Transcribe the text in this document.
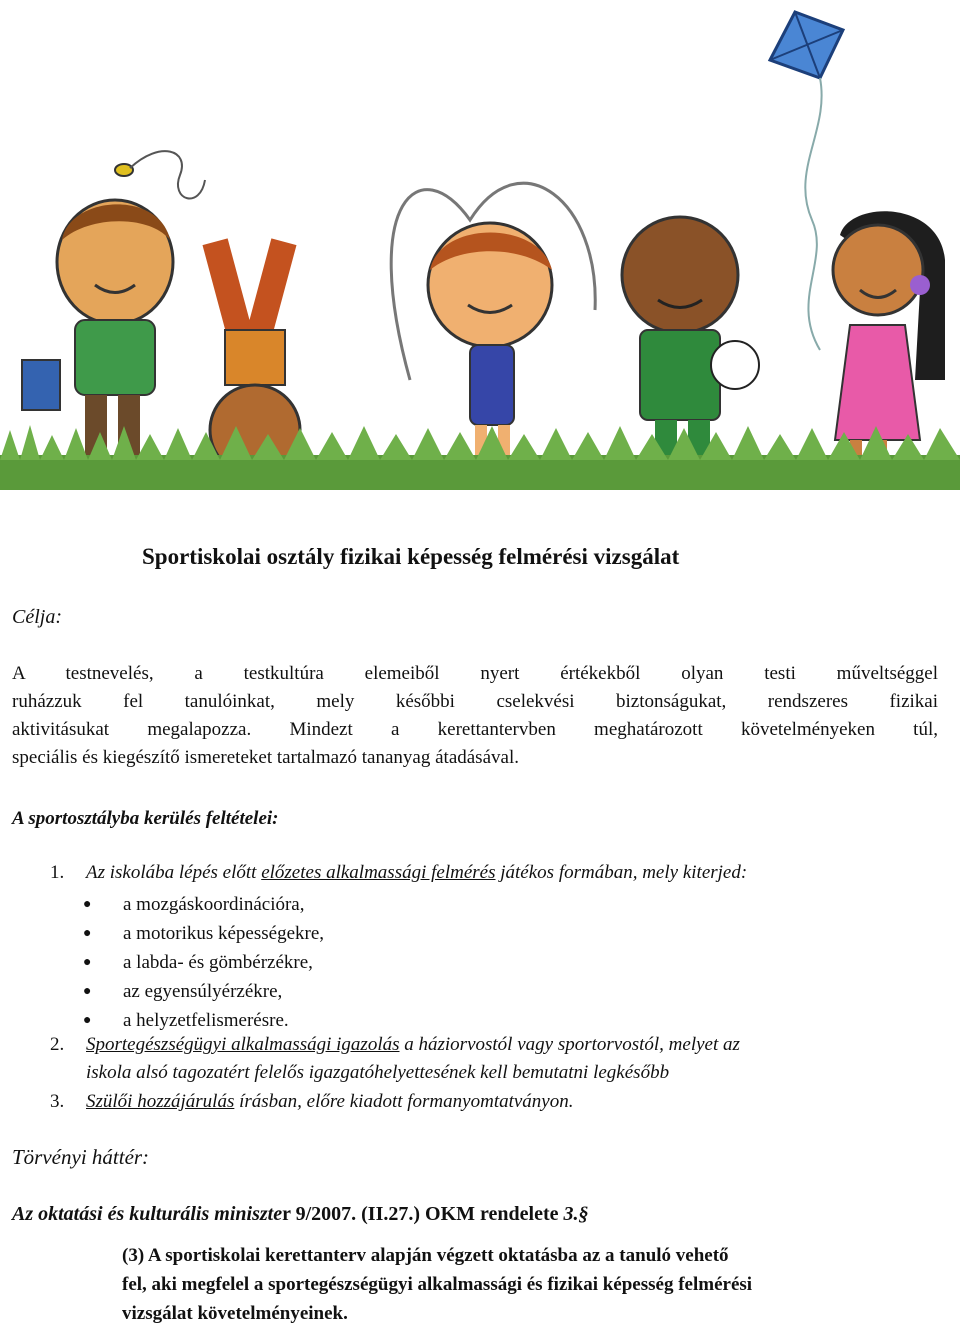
Sportiskolai osztály fizikai képesség felmérési vizsgálat
Célja:
A testnevelés, a testkultúra elemeiből nyert értékekből olyan testi műveltséggel
ruházzuk fel tanulóinkat, mely későbbi cselekvési biztonságukat, rendszeres fizikai
aktivitásukat megalapozza. Mindezt a kerettantervben meghatározott követelményeken túl,
speciális és kiegészítő ismereteket tartalmazó tananyag átadásával.
A sportosztályba kerülés feltételei:
1. Az iskolába lépés előtt előzetes alkalmassági felmérés játékos formában, mely kiterjed:
● a mozgáskoordinációra,
● a motorikus képességekre,
● a labda- és gömbérzékre,
● az egyensúlyérzékre,
● a helyzetfelismerésre.
2. Sportegészségügyi alkalmassági igazolás a háziorvostól vagy sportorvostól, melyet az
iskola alsó tagozatért felelős igazgatóhelyettesének kell bemutatni legkésőbb
3. Szülői hozzájárulás írásban, előre kiadott formanyomtatványon.
Törvényi háttér:
Az oktatási és kulturális miniszter 9/2007. (II.27.) OKM rendelete 3.§
(3) A sportiskolai kerettanterv alapján végzett oktatásba az a tanuló vehető
fel, aki megfelel a sportegészségügyi alkalmassági és fizikai képesség felmérési
vizsgálat követelményeinek.
